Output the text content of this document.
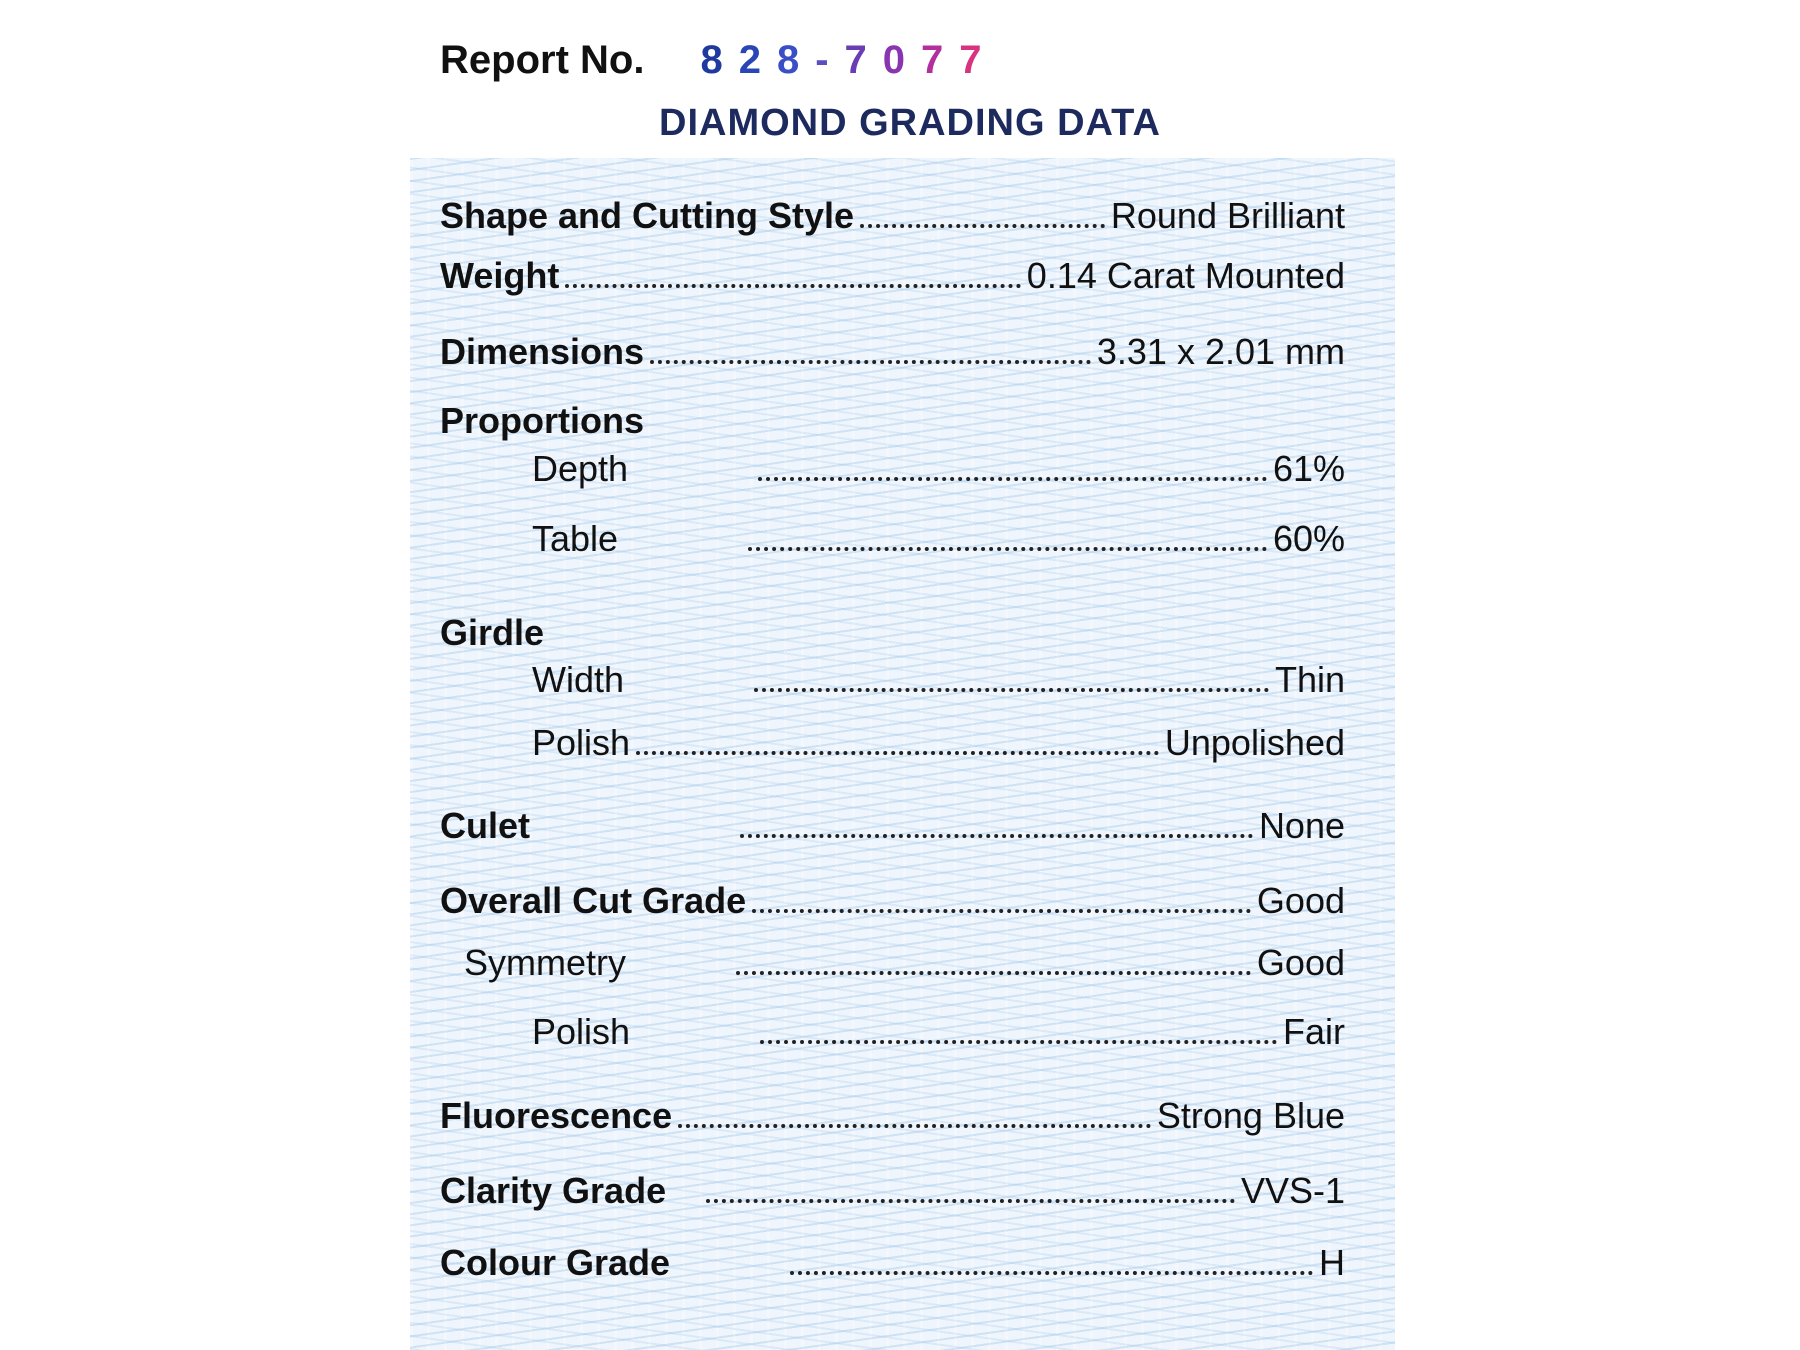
Report No. 828-7077
DIAMOND GRADING DATA
Shape and Cutting Style	Round Brilliant
Weight	0.14 Carat Mounted
Dimensions	3.31 x 2.01 mm
Proportions
Depth	61%
Table	60%
Girdle
Width	Thin
Polish	Unpolished
Culet	None
Overall Cut Grade	Good
Symmetry	Good
Polish	Fair
Fluorescence	Strong Blue
Clarity Grade	VVS-1
Colour Grade	H
